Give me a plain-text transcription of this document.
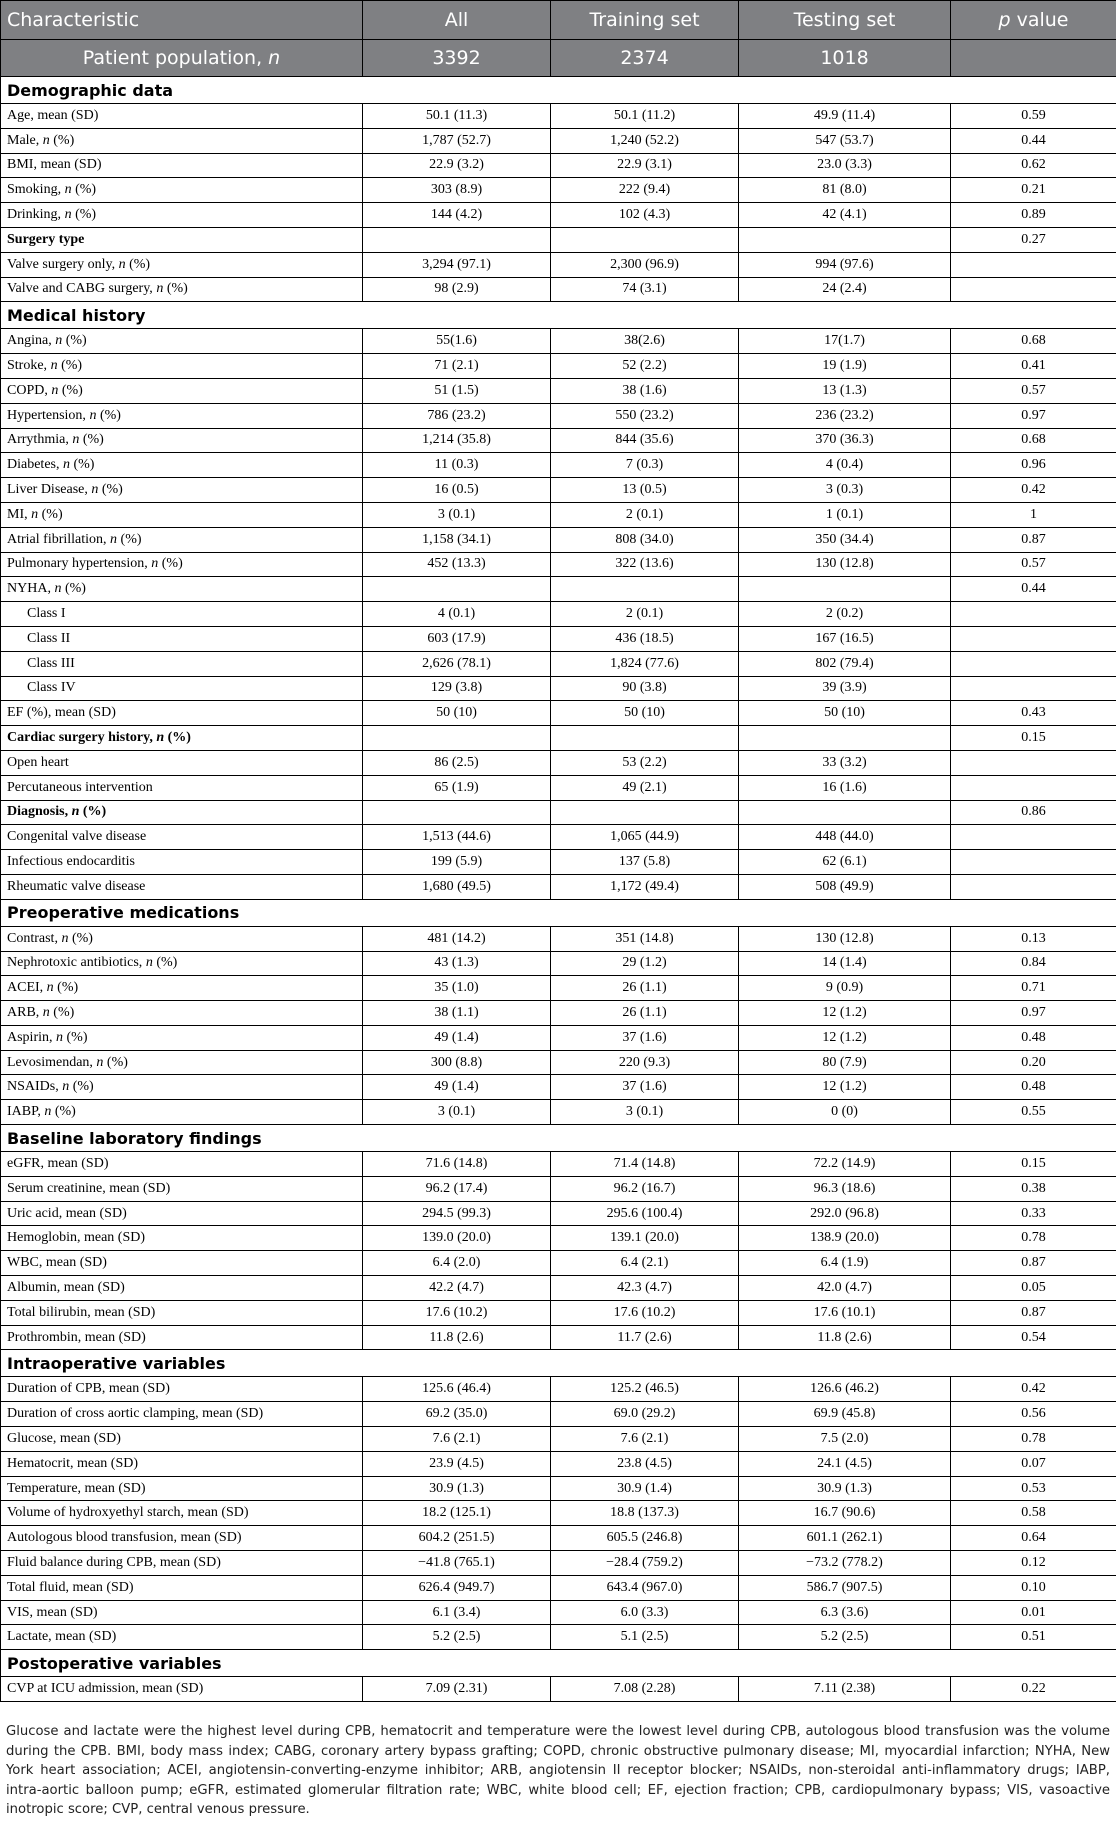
Characteristic	All	Training set	Testing set	p value
Patient population, n	3392	2374	1018	
Demographic data				
Age, mean (SD)	50.1 (11.3)	50.1 (11.2)	49.9 (11.4)	0.59
Male, n (%)	1,787 (52.7)	1,240 (52.2)	547 (53.7)	0.44
BMI, mean (SD)	22.9 (3.2)	22.9 (3.1)	23.0 (3.3)	0.62
Smoking, n (%)	303 (8.9)	222 (9.4)	81 (8.0)	0.21
Drinking, n (%)	144 (4.2)	102 (4.3)	42 (4.1)	0.89
Surgery type				0.27
Valve surgery only, n (%)	3,294 (97.1)	2,300 (96.9)	994 (97.6)	
Valve and CABG surgery, n (%)	98 (2.9)	74 (3.1)	24 (2.4)	
Medical history				
Angina, n (%)	55(1.6)	38(2.6)	17(1.7)	0.68
Stroke, n (%)	71 (2.1)	52 (2.2)	19 (1.9)	0.41
COPD, n (%)	51 (1.5)	38 (1.6)	13 (1.3)	0.57
Hypertension, n (%)	786 (23.2)	550 (23.2)	236 (23.2)	0.97
Arrythmia, n (%)	1,214 (35.8)	844 (35.6)	370 (36.3)	0.68
Diabetes, n (%)	11 (0.3)	7 (0.3)	4 (0.4)	0.96
Liver Disease, n (%)	16 (0.5)	13 (0.5)	3 (0.3)	0.42
MI, n (%)	3 (0.1)	2 (0.1)	1 (0.1)	1
Atrial fibrillation, n (%)	1,158 (34.1)	808 (34.0)	350 (34.4)	0.87
Pulmonary hypertension, n (%)	452 (13.3)	322 (13.6)	130 (12.8)	0.57
NYHA, n (%)				0.44
Class I	4 (0.1)	2 (0.1)	2 (0.2)	
Class II	603 (17.9)	436 (18.5)	167 (16.5)	
Class III	2,626 (78.1)	1,824 (77.6)	802 (79.4)	
Class IV	129 (3.8)	90 (3.8)	39 (3.9)	
EF (%), mean (SD)	50 (10)	50 (10)	50 (10)	0.43
Cardiac surgery history, n (%)				0.15
Open heart	86 (2.5)	53 (2.2)	33 (3.2)	
Percutaneous intervention	65 (1.9)	49 (2.1)	16 (1.6)	
Diagnosis, n (%)				0.86
Congenital valve disease	1,513 (44.6)	1,065 (44.9)	448 (44.0)	
Infectious endocarditis	199 (5.9)	137 (5.8)	62 (6.1)	
Rheumatic valve disease	1,680 (49.5)	1,172 (49.4)	508 (49.9)	
Preoperative medications				
Contrast, n (%)	481 (14.2)	351 (14.8)	130 (12.8)	0.13
Nephrotoxic antibiotics, n (%)	43 (1.3)	29 (1.2)	14 (1.4)	0.84
ACEI, n (%)	35 (1.0)	26 (1.1)	9 (0.9)	0.71
ARB, n (%)	38 (1.1)	26 (1.1)	12 (1.2)	0.97
Aspirin, n (%)	49 (1.4)	37 (1.6)	12 (1.2)	0.48
Levosimendan, n (%)	300 (8.8)	220 (9.3)	80 (7.9)	0.20
NSAIDs, n (%)	49 (1.4)	37 (1.6)	12 (1.2)	0.48
IABP, n (%)	3 (0.1)	3 (0.1)	0 (0)	0.55
Baseline laboratory findings				
eGFR, mean (SD)	71.6 (14.8)	71.4 (14.8)	72.2 (14.9)	0.15
Serum creatinine, mean (SD)	96.2 (17.4)	96.2 (16.7)	96.3 (18.6)	0.38
Uric acid, mean (SD)	294.5 (99.3)	295.6 (100.4)	292.0 (96.8)	0.33
Hemoglobin, mean (SD)	139.0 (20.0)	139.1 (20.0)	138.9 (20.0)	0.78
WBC, mean (SD)	6.4 (2.0)	6.4 (2.1)	6.4 (1.9)	0.87
Albumin, mean (SD)	42.2 (4.7)	42.3 (4.7)	42.0 (4.7)	0.05
Total bilirubin, mean (SD)	17.6 (10.2)	17.6 (10.2)	17.6 (10.1)	0.87
Prothrombin, mean (SD)	11.8 (2.6)	11.7 (2.6)	11.8 (2.6)	0.54
Intraoperative variables				
Duration of CPB, mean (SD)	125.6 (46.4)	125.2 (46.5)	126.6 (46.2)	0.42
Duration of cross aortic clamping, mean (SD)	69.2 (35.0)	69.0 (29.2)	69.9 (45.8)	0.56
Glucose, mean (SD)	7.6 (2.1)	7.6 (2.1)	7.5 (2.0)	0.78
Hematocrit, mean (SD)	23.9 (4.5)	23.8 (4.5)	24.1 (4.5)	0.07
Temperature, mean (SD)	30.9 (1.3)	30.9 (1.4)	30.9 (1.3)	0.53
Volume of hydroxyethyl starch, mean (SD)	18.2 (125.1)	18.8 (137.3)	16.7 (90.6)	0.58
Autologous blood transfusion, mean (SD)	604.2 (251.5)	605.5 (246.8)	601.1 (262.1)	0.64
Fluid balance during CPB, mean (SD)	−41.8 (765.1)	−28.4 (759.2)	−73.2 (778.2)	0.12
Total fluid, mean (SD)	626.4 (949.7)	643.4 (967.0)	586.7 (907.5)	0.10
VIS, mean (SD)	6.1 (3.4)	6.0 (3.3)	6.3 (3.6)	0.01
Lactate, mean (SD)	5.2 (2.5)	5.1 (2.5)	5.2 (2.5)	0.51
Postoperative variables				
CVP at ICU admission, mean (SD)	7.09 (2.31)	7.08 (2.28)	7.11 (2.38)	0.22
Glucose and lactate were the highest level during CPB, hematocrit and temperature were the lowest level during CPB, autologous blood transfusion was the volume during the CPB. BMI, body mass index; CABG, coronary artery bypass grafting; COPD, chronic obstructive pulmonary disease; MI, myocardial infarction; NYHA, New York heart association; ACEI, angiotensin-converting-enzyme inhibitor; ARB, angiotensin II receptor blocker; NSAIDs, non-steroidal anti-inflammatory drugs; IABP, intra-aortic balloon pump; eGFR, estimated glomerular filtration rate; WBC, white blood cell; EF, ejection fraction; CPB, cardiopulmonary bypass; VIS, vasoactive inotropic score; CVP, central venous pressure.
